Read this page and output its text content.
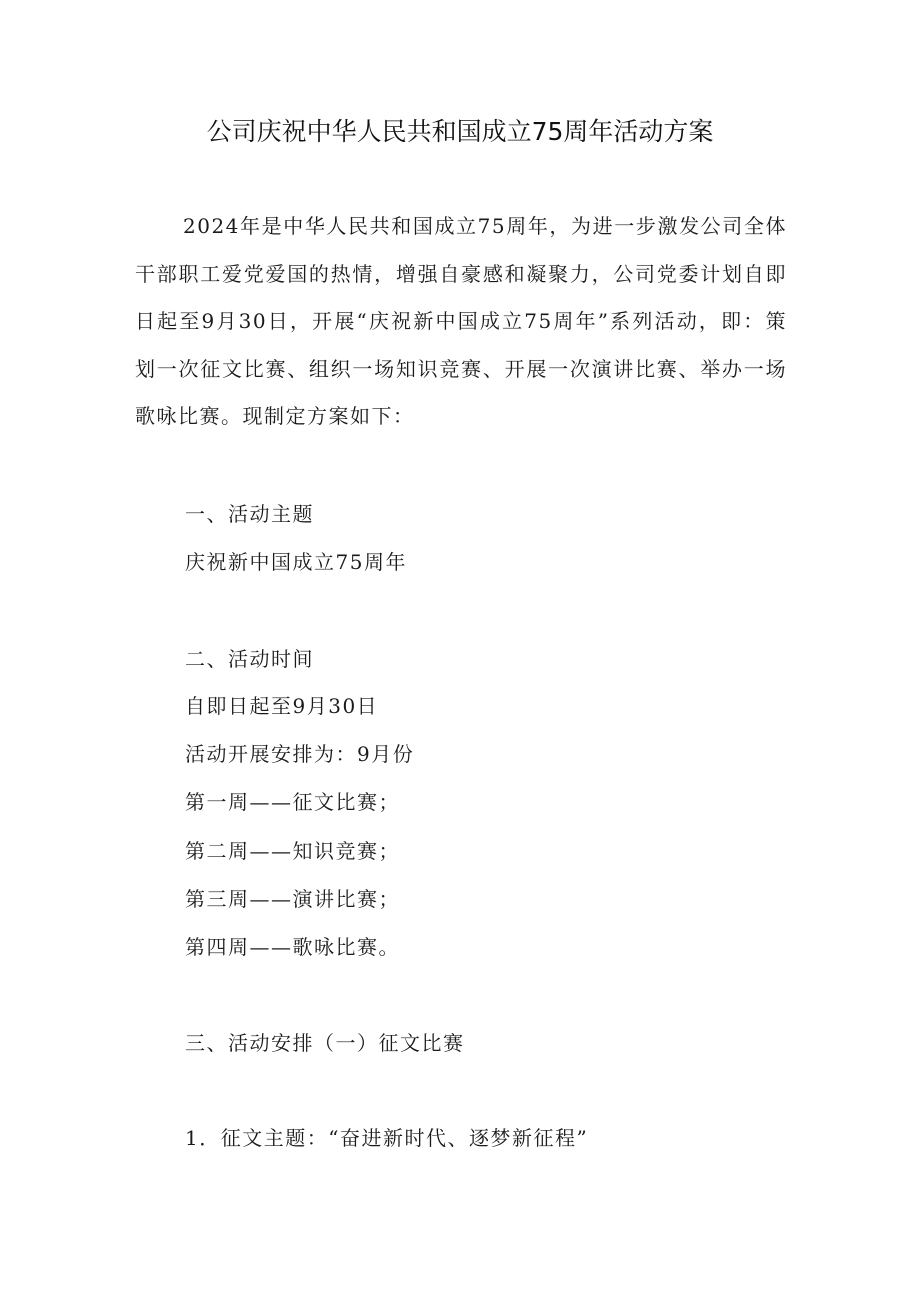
公司庆祝中华人民共和国成立75周年活动方案

2024年是中华人民共和国成立75周年，为进一步激发公司全体干部职工爱党爱国的热情，增强自豪感和凝聚力，公司党委计划自即日起至9月30日，开展“庆祝新中国成立75周年”系列活动，即：策划一次征文比赛、组织一场知识竞赛、开展一次演讲比赛、举办一场歌咏比赛。现制定方案如下：

一、活动主题

庆祝新中国成立75周年

二、活动时间

自即日起至9月30日

活动开展安排为：9月份

第一周——征文比赛；

第二周——知识竞赛；

第三周——演讲比赛；

第四周——歌咏比赛。

三、活动安排（一）征文比赛

1．征文主题：“奋进新时代、逐梦新征程”
